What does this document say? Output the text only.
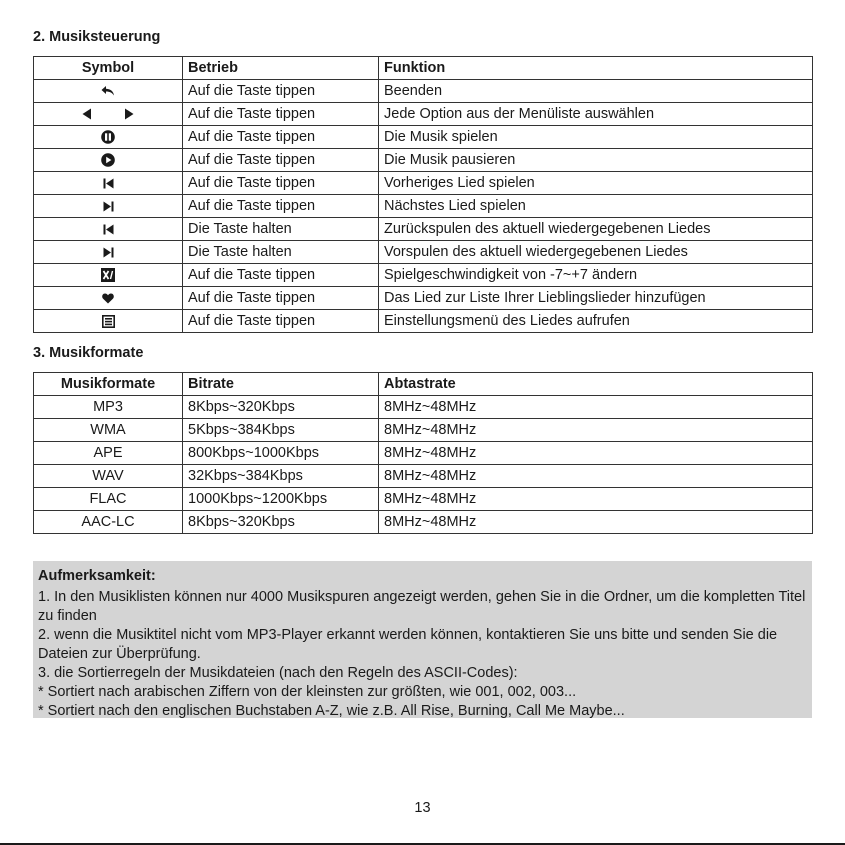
2. Musiksteuerung
Symbol	Betrieb	Funktion

	Auf die Taste tippen	Beenden

	Auf die Taste tippen	Jede Option aus der Menüliste auswählen

	Auf die Taste tippen	Die Musik spielen

	Auf die Taste tippen	Die Musik pausieren

	Auf die Taste tippen	Vorheriges Lied spielen

	Auf die Taste tippen	Nächstes Lied spielen

	Die Taste halten	Zurückspulen des aktuell wiedergegebenen Liedes

	Die Taste halten	Vorspulen des aktuell wiedergegebenen Liedes

	Auf die Taste tippen	Spielgeschwindigkeit von -7~+7 ändern

	Auf die Taste tippen	Das Lied zur Liste Ihrer Lieblingslieder hinzufügen

	Auf die Taste tippen	Einstellungsmenü des Liedes aufrufen
3. Musikformate
Musikformate	Bitrate	Abtastrate
MP3	8Kbps~320Kbps	8MHz~48MHz
WMA	5Kbps~384Kbps	8MHz~48MHz
APE	800Kbps~1000Kbps	8MHz~48MHz
WAV	32Kbps~384Kbps	8MHz~48MHz
FLAC	1000Kbps~1200Kbps	8MHz~48MHz
AAC-LC	8Kbps~320Kbps	8MHz~48MHz
Aufmerksamkeit:

1. In den Musiklisten können nur 4000 Musikspuren angezeigt werden, gehen Sie in die Ordner, um die kompletten Titel zu finden

2. wenn die Musiktitel nicht vom MP3-Player erkannt werden können, kontaktieren Sie uns bitte und senden Sie die Dateien zur Überprüfung.

3. die Sortierregeln der Musikdateien (nach den Regeln des ASCII-Codes):

* Sortiert nach arabischen Ziffern von der kleinsten zur größten, wie 001, 002, 003...

* Sortiert nach den englischen Buchstaben A-Z, wie z.B. All Rise, Burning, Call Me Maybe...

13
